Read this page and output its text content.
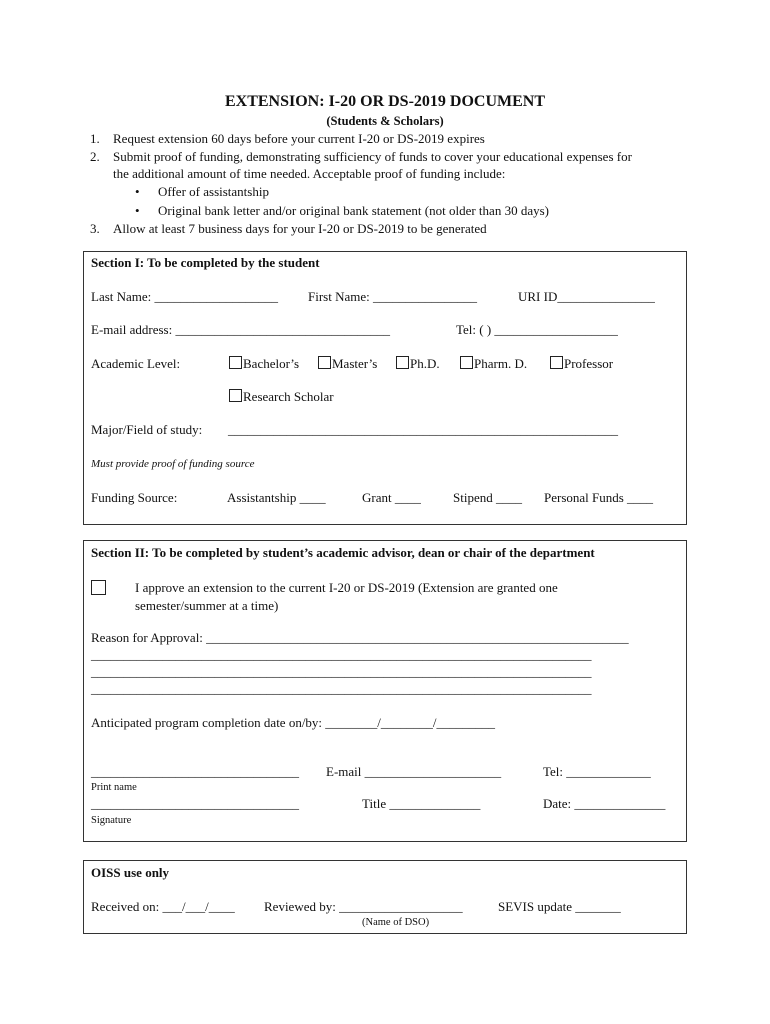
EXTENSION: I-20 OR DS-2019 DOCUMENT
(Students & Scholars)
1. Request extension 60 days before your current I-20 or DS-2019 expires
2. Submit proof of funding, demonstrating sufficiency of funds to cover your educational expenses for
the additional amount of time needed. Acceptable proof of funding include:
• Offer of assistantship
• Original bank letter and/or original bank statement (not older than 30 days)
3. Allow at least 7 business days for your I-20 or DS-2019 to be generated
Section I: To be completed by the student
Last Name: ___________________ First Name: ________________	URI ID_______________
E-mail address: _________________________________	Tel: ( ) ___________________
Academic Level:	Bachelor’s	Master’s	Ph.D.	Pharm. D.	Professor
Research Scholar
Major/Field of study: ____________________________________________________________
Must provide proof of funding source
Funding Source:	Assistantship ____	Grant ____ Stipend ____ Personal Funds ____
Section II: To be completed by student’s academic advisor, dean or chair of the department
I approve an extension to the current I-20 or DS-2019 (Extension are granted one
semester/summer at a time)
Reason for Approval: _________________________________________________________________
_____________________________________________________________________________
_____________________________________________________________________________
_____________________________________________________________________________
Anticipated program completion date on/by: ________/________/_________
________________________________ E-mail _____________________	Tel: _____________
Print name
________________________________	Title ______________	Date: ______________
Signature
OISS use only
Received on: ___/___/____ Reviewed by: ___________________	SEVIS update _______
(Name of DSO)
